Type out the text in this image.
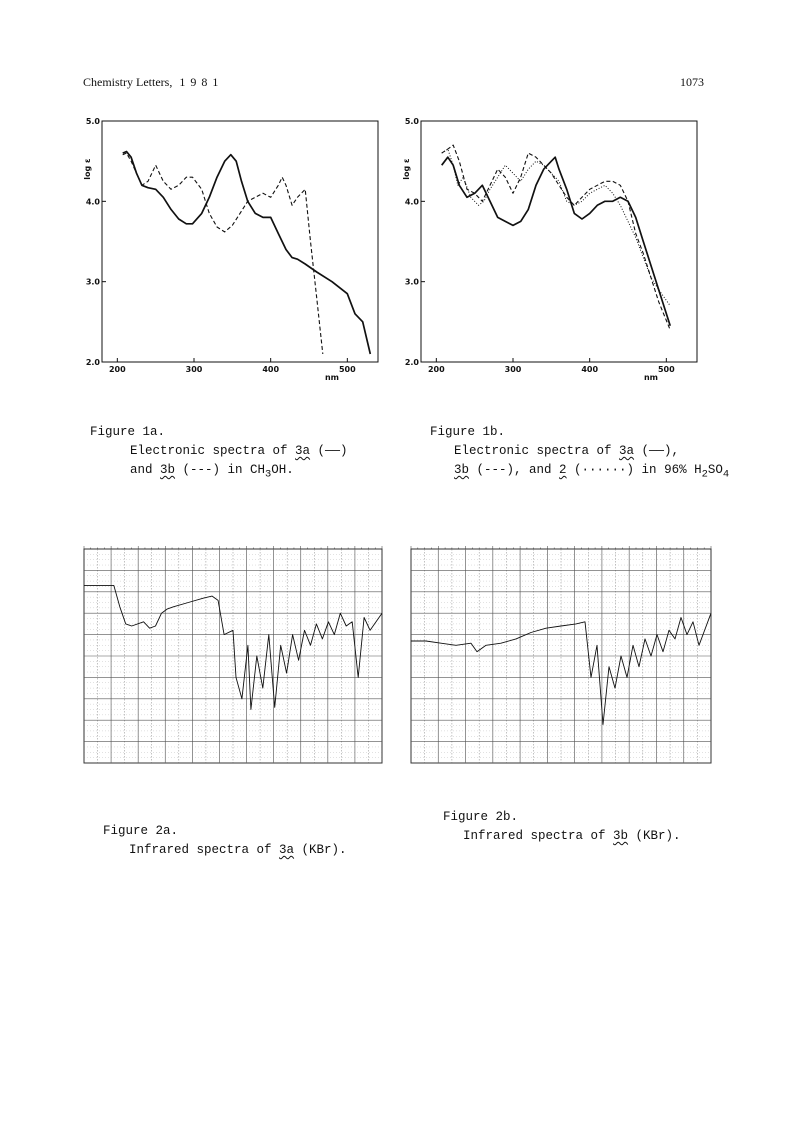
Chemistry Letters, 1 9 8 1	1073
200	300	400	500
2.0
3.0
4.0
5.0
nm
log ε
200	300	400	500
2.0
3.0
4.0
5.0
nm
log ε

Figure 1a.
Electronic spectra of 3a (——)
and 3b (---) in $CH_3OH$.

Figure 1b.
Electronic spectra of 3a (——),
3b (---), and 2 (······) in 96% $H_2SO_4$

Figure 2a.
Infrared spectra of 3a (KBr).

Figure 2b.
Infrared spectra of 3b (KBr).
